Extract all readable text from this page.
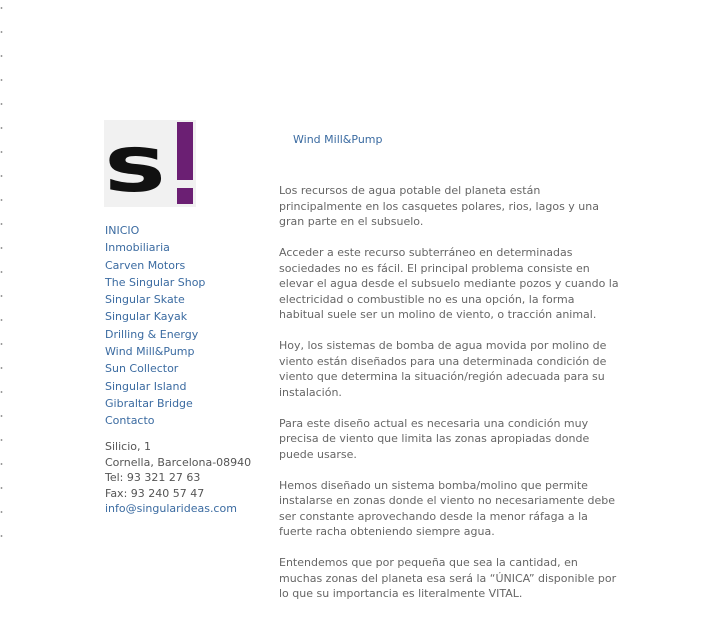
s
INICIO
Inmobiliaria
Carven Motors
The Singular Shop
Singular Skate
Singular Kayak
Drilling & Energy
Wind Mill&Pump
Sun Collector
Singular Island
Gibraltar Bridge
Contacto
Silicio, 1
Cornella, Barcelona-08940
Tel: 93 321 27 63
Fax: 93 240 57 47
info@singularideas.com
Wind Mill&Pump

Los recursos de agua potable del planeta están principalmente en los casquetes polares, rios, lagos y una gran parte en el subsuelo.

Acceder a este recurso subterráneo en determinadas sociedades no es fácil. El principal problema consiste en elevar el agua desde el subsuelo mediante pozos y cuando la electricidad o combustible no es una opción, la forma habitual suele ser un molino de viento, o tracción animal.

Hoy, los sistemas de bomba de agua movida por molino de viento están diseñados para una determinada condición de viento que determina la situación/región adecuada para su instalación.

Para este diseño actual es necesaria una condición muy precisa de viento que limita las zonas apropiadas donde puede usarse.

Hemos diseñado un sistema bomba/molino que permite instalarse en zonas donde el viento no necesariamente debe ser constante aprovechando desde la menor ráfaga a la fuerte racha obteniendo siempre agua.

Entendemos que por pequeña que sea la cantidad, en muchas zonas del planeta esa será la “ÚNICA” disponible por lo que su importancia es literalmente VITAL.
